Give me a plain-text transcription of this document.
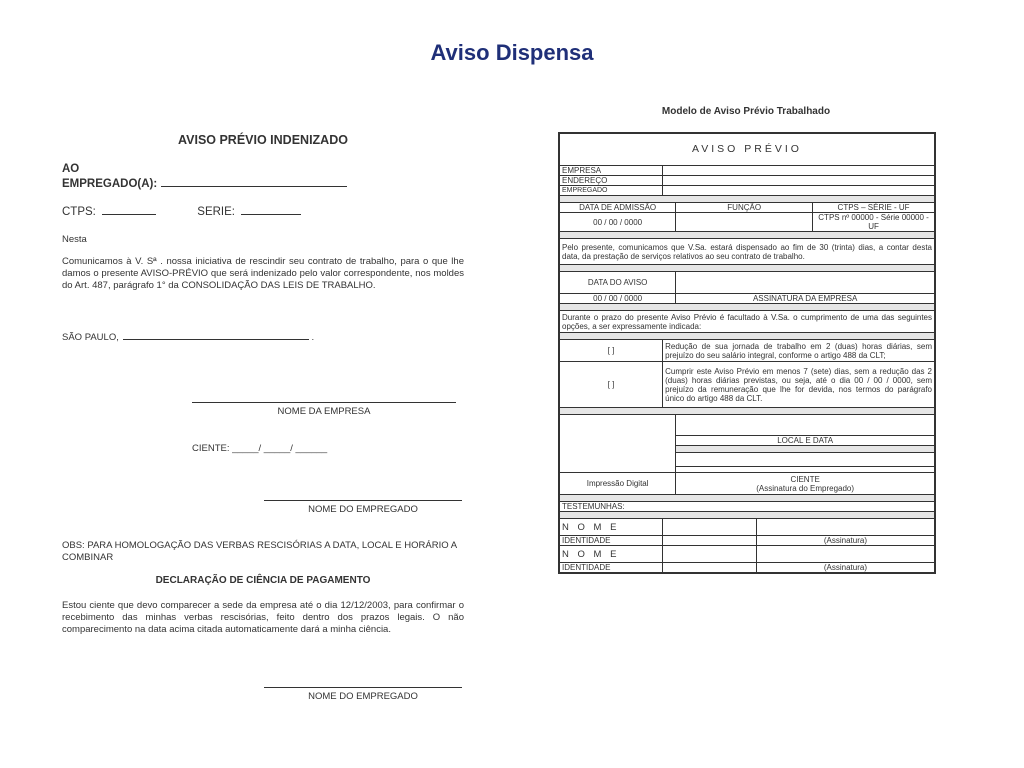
Aviso Dispensa
AVISO PRÉVIO INDENIZADO
AO
EMPREGADO(A):
CTPS:	SERIE:
Nesta
Comunicamos à V. Sª . nossa iniciativa de rescindir seu contrato de trabalho, para o que lhe damos o presente AVISO-PRÉVIO que será indenizado pelo valor correspondente, nos moldes do Art. 487, parágrafo 1° da CONSOLIDAÇÃO DAS LEIS DE TRABALHO.
SÃO PAULO,	.
NOME DA EMPRESA
CIENTE: _____/ _____/ ______
NOME DO EMPREGADO
OBS: PARA HOMOLOGAÇÃO DAS VERBAS RESCISÓRIAS A DATA, LOCAL E HORÁRIO A COMBINAR
DECLARAÇÃO DE CIÊNCIA DE PAGAMENTO
Estou ciente que devo comparecer a sede da empresa até o dia 12/12/2003, para confirmar o recebimento das minhas verbas rescisórias, feito dentro dos prazos legais. O não comparecimento na data acima citada automaticamente dará a minha ciência.
NOME DO EMPREGADO
Modelo de Aviso Prévio Trabalhado
AVISO PRÉVIO				
EMPRESA				
ENDEREÇO				
EMPREGADO				

DATA DE ADMISSÃO		FUNÇÃO		CTPS – SÉRIE - UF
00 / 00 / 0000				CTPS nº 00000 - Série 00000 - UF

Pelo presente, comunicamos que V.Sa. estará dispensado ao fim de 30 (trinta) dias, a contar desta data, da prestação de serviços relativos ao seu contrato de trabalho.				

DATA DO AVISO				
00 / 00 / 0000		ASSINATURA DA EMPRESA		

Durante o prazo do presente Aviso Prévio é facultado à V.Sa. o cumprimento de uma das seguintes opções, a ser expressamente indicada:				

[ ]	Redução de sua jornada de trabalho em 2 (duas) horas diárias, sem prejuízo do seu salário integral, conforme o artigo 488 da CLT;			
[ ]	Cumprir este Aviso Prévio em menos 7 (sete) dias, sem a redução das 2 (duas) horas diárias previstas, ou seja, até o dia 00 / 00 / 0000, sem prejuízo da remuneração que lhe for devida, nos termos do parágrafo único do artigo 488 da CLT.			

		LOCAL E DATA		

Impressão Digital		CIENTE
(Assinatura do Empregado)		

TESTEMUNHAS:				

N O M E				
IDENTIDADE			(Assinatura)	
N O M E				
IDENTIDADE			(Assinatura)	
